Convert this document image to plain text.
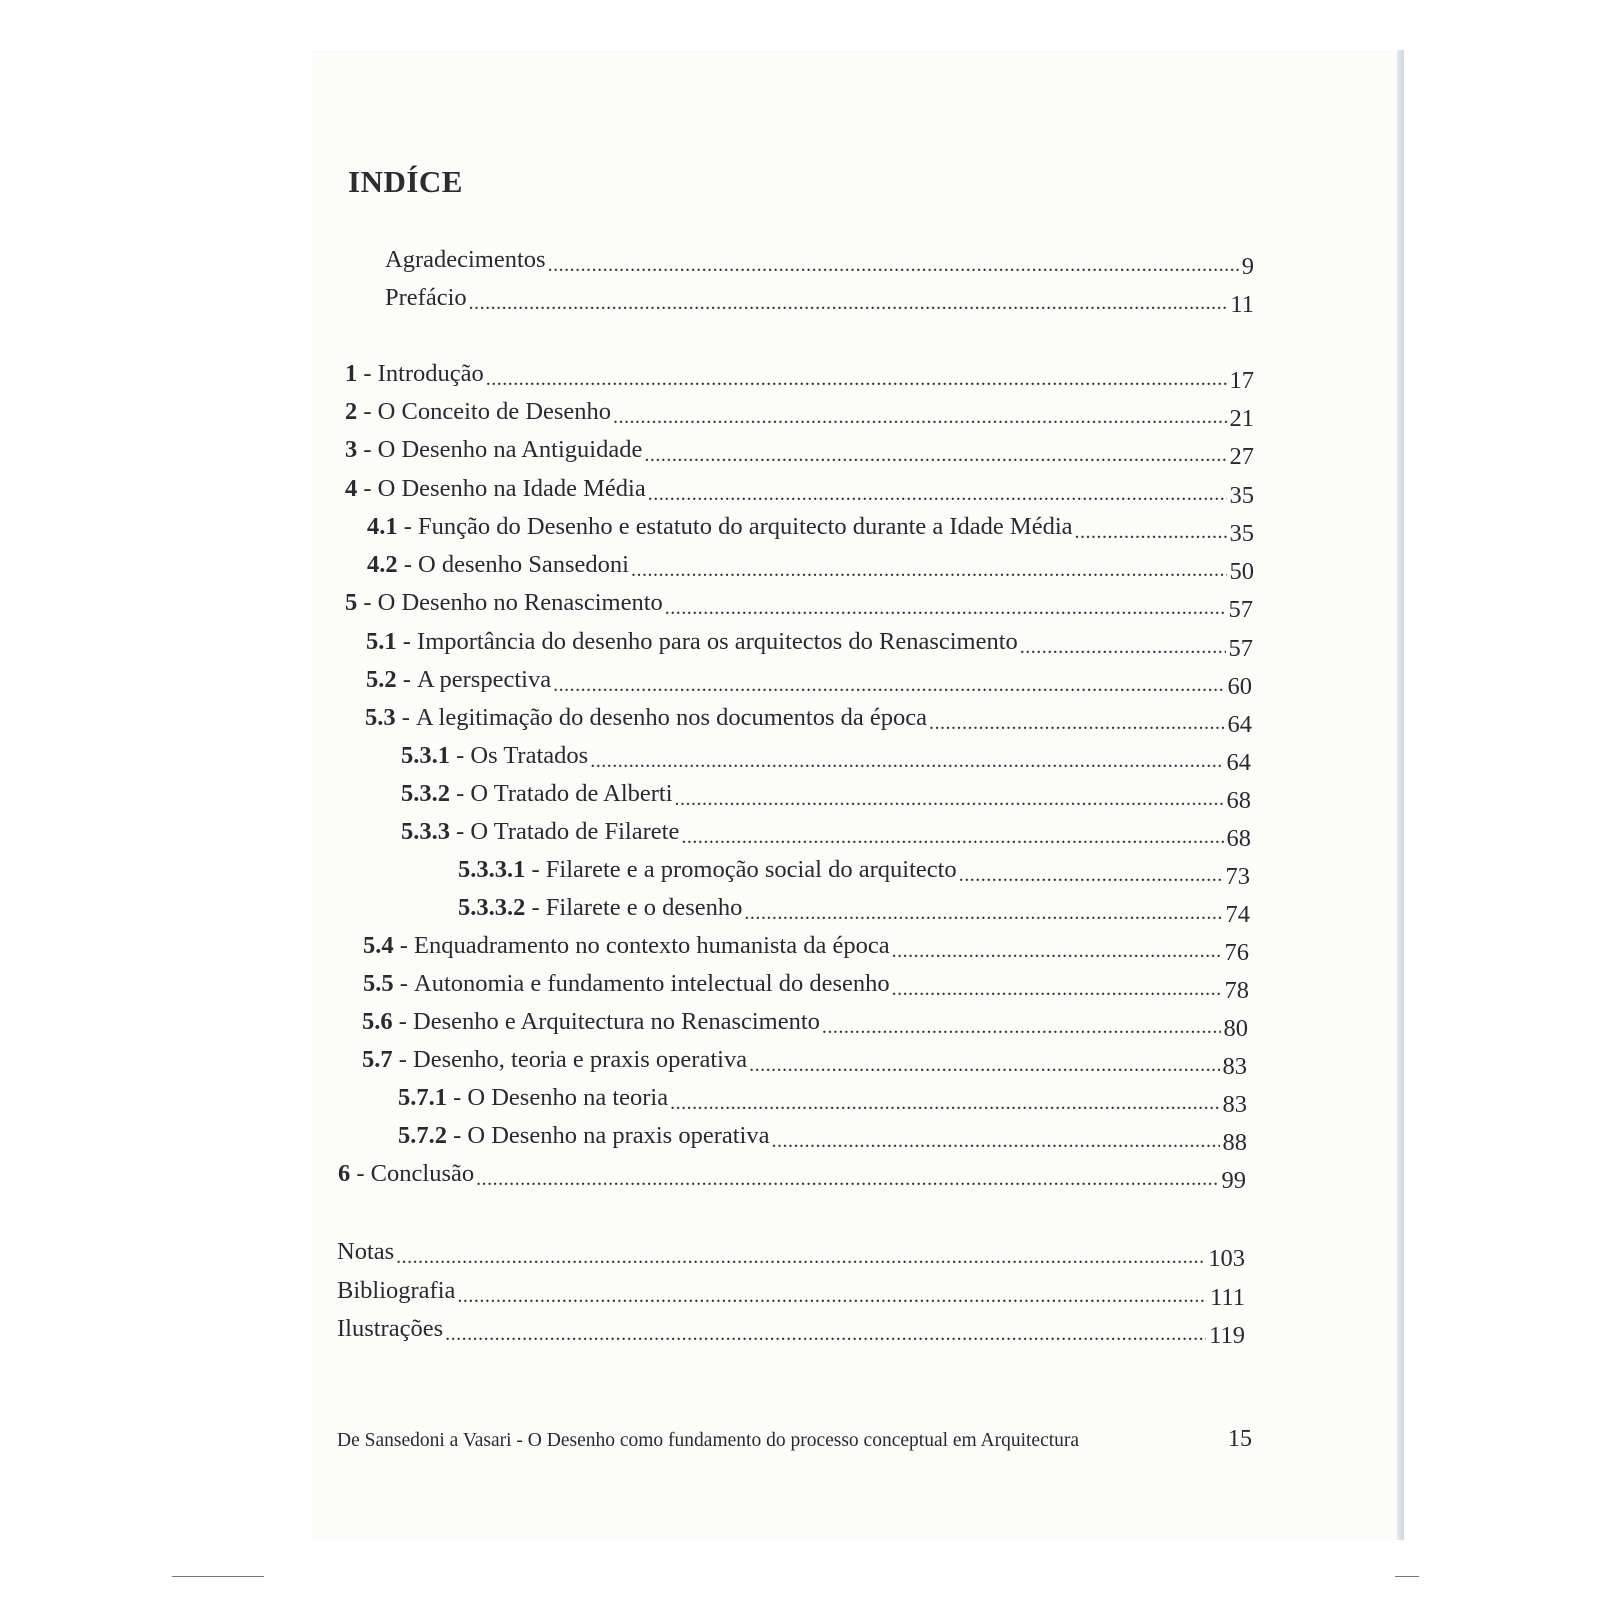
INDÍCE
Agradecimentos .....	9
Prefácio .....	11
1 - Introdução .....	17
2 - O Conceito de Desenho .....	21
3 - O Desenho na Antiguidade .....	27
4 - O Desenho na Idade Média .....	35
4.1 - Função do Desenho e estatuto do arquitecto durante a Idade Média .....	35
4.2 - O desenho Sansedoni .....	50
5 - O Desenho no Renascimento .....	57
5.1 - Importância do desenho para os arquitectos do Renascimento .....	57
5.2 - A perspectiva .....	60
5.3 - A legitimação do desenho nos documentos da época .....	64
5.3.1 - Os Tratados .....	64
5.3.2 - O Tratado de Alberti .....	68
5.3.3 - O Tratado de Filarete .....	68
5.3.3.1 - Filarete e a promoção social do arquitecto .....	73
5.3.3.2 - Filarete e o desenho .....	74
5.4 - Enquadramento no contexto humanista da época .....	76
5.5 - Autonomia e fundamento intelectual do desenho .....	78
5.6 - Desenho e Arquitectura no Renascimento .....	80
5.7 - Desenho, teoria e praxis operativa .....	83
5.7.1 - O Desenho na teoria .....	83
5.7.2 - O Desenho na praxis operativa .....	88
6 - Conclusão .....	99
Notas .....	103
Bibliografia .....	111
Ilustrações .....	119
De Sansedoni a Vasari - O Desenho como fundamento do processo conceptual em Arquitectura	15
